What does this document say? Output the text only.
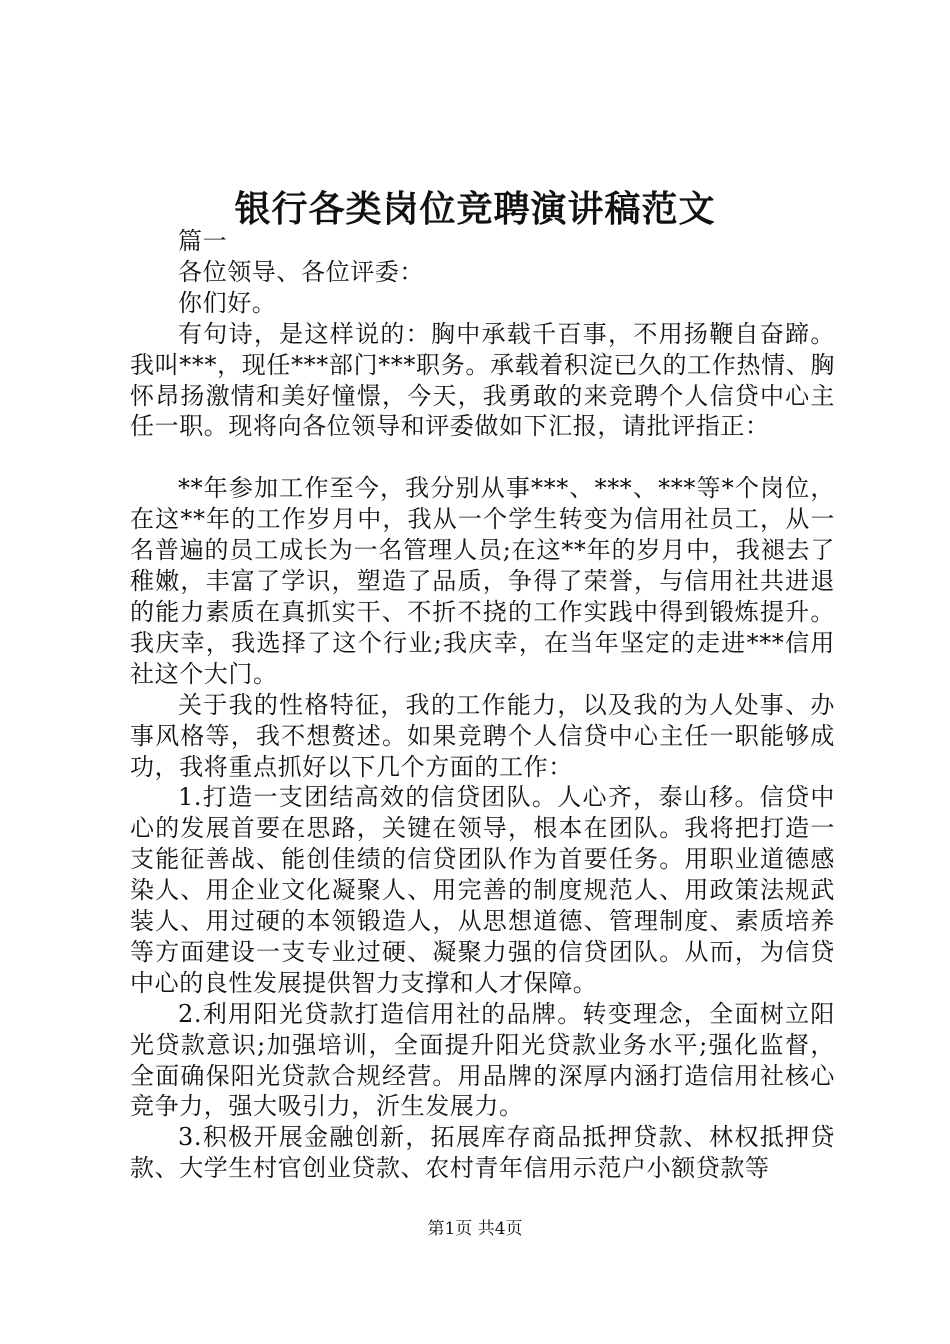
银行各类岗位竞聘演讲稿范文

篇一

各位领导、各位评委：

你们好。

有句诗，是这样说的：胸中承载千百事，不用扬鞭自奋蹄。我叫***，现任***部门***职务。承载着积淀已久的工作热情、胸怀昂扬激情和美好憧憬，今天，我勇敢的来竞聘个人信贷中心主任一职。现将向各位领导和评委做如下汇报，请批评指正：

**年参加工作至今，我分别从事***、***、***等*个岗位，在这**年的工作岁月中，我从一个学生转变为信用社员工，从一名普遍的员工成长为一名管理人员;在这**年的岁月中，我褪去了稚嫩，丰富了学识，塑造了品质，争得了荣誉，与信用社共进退的能力素质在真抓实干、不折不挠的工作实践中得到锻炼提升。我庆幸，我选择了这个行业;我庆幸，在当年坚定的走进***信用社这个大门。

关于我的性格特征，我的工作能力，以及我的为人处事、办事风格等，我不想赘述。如果竞聘个人信贷中心主任一职能够成功，我将重点抓好以下几个方面的工作：

1.打造一支团结高效的信贷团队。人心齐，泰山移。信贷中心的发展首要在思路，关键在领导，根本在团队。我将把打造一支能征善战、能创佳绩的信贷团队作为首要任务。用职业道德感染人、用企业文化凝聚人、用完善的制度规范人、用政策法规武装人、用过硬的本领锻造人，从思想道德、管理制度、素质培养等方面建设一支专业过硬、凝聚力强的信贷团队。从而，为信贷中心的良性发展提供智力支撑和人才保障。

2.利用阳光贷款打造信用社的品牌。转变理念，全面树立阳光贷款意识;加强培训，全面提升阳光贷款业务水平;强化监督，全面确保阳光贷款合规经营。用品牌的深厚内涵打造信用社核心竞争力，强大吸引力，沂生发展力。

3.积极开展金融创新，拓展库存商品抵押贷款、林权抵押贷款、大学生村官创业贷款、农村青年信用示范户小额贷款等

第1页 共4页
